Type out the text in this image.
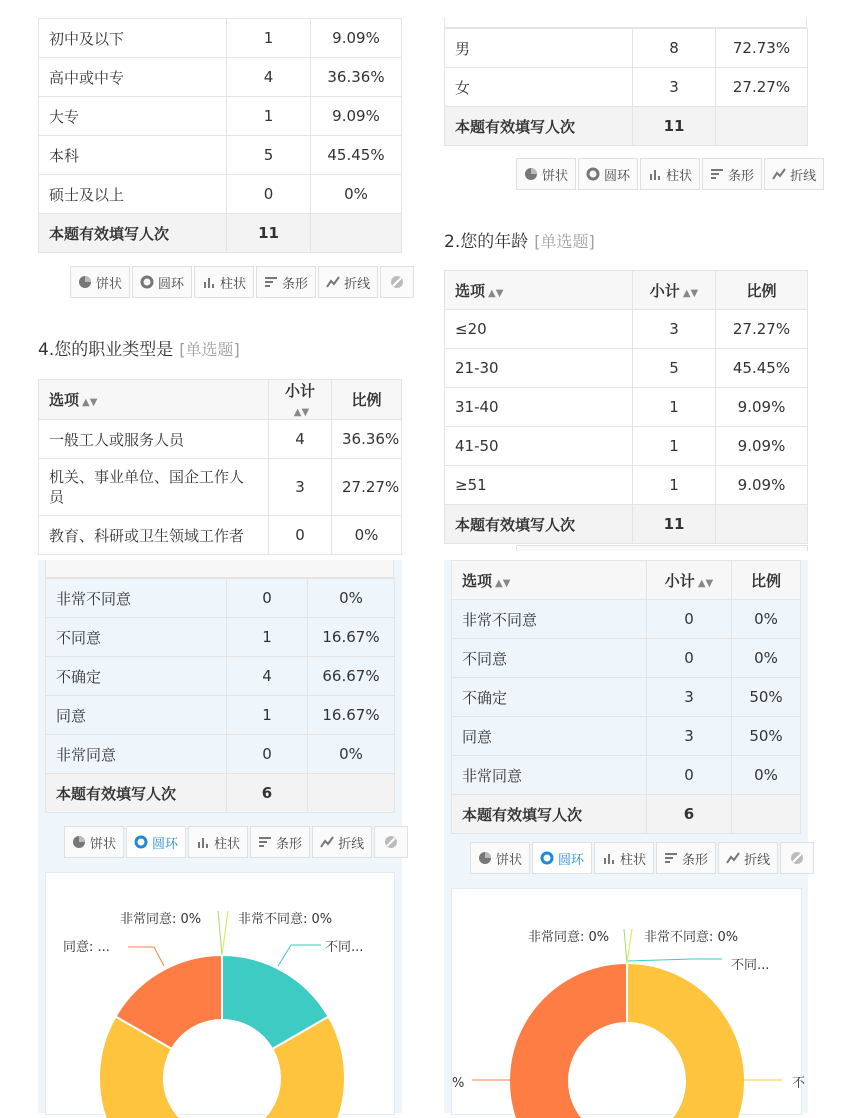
初中及以下	1	9.09%
高中或中专	4	36.36%
大专	1	9.09%
本科	5	45.45%
硕士及以上	0	0%
本题有效填写人次	11	
饼状	圆环	柱状	条形	折线
4.您的职业类型是 [单选题]
选项 ▲▼	小计▲▼	比例
一般工人或服务人员	4	36.36%
机关、事业单位、国企工作人员	3	27.27%
教育、科研或卫生领域工作者	0	0%
男	8	72.73%
女	3	27.27%
本题有效填写人次	11	
饼状	圆环	柱状	条形	折线
2.您的年龄 [单选题]
选项 ▲▼	小计 ▲▼	比例
≤20	3	27.27%
21-30	5	45.45%
31-40	1	9.09%
41-50	1	9.09%
≥51	1	9.09%
本题有效填写人次	11	
非常不同意	0	0%
不同意	1	16.67%
不确定	4	66.67%
同意	1	16.67%
非常同意	0	0%
本题有效填写人次	6	
饼状	圆环	柱状	条形	折线
非常同意: 0%	非常不同意: 0%
同意: ...	不同...
选项 ▲▼	小计 ▲▼	比例
非常不同意	0	0%
不同意	0	0%
不确定	3	50%
同意	3	50%
非常同意	0	0%
本题有效填写人次	6	
饼状	圆环	柱状	条形	折线
非常同意: 0%	非常不同意: 0%
不同...
%	不
